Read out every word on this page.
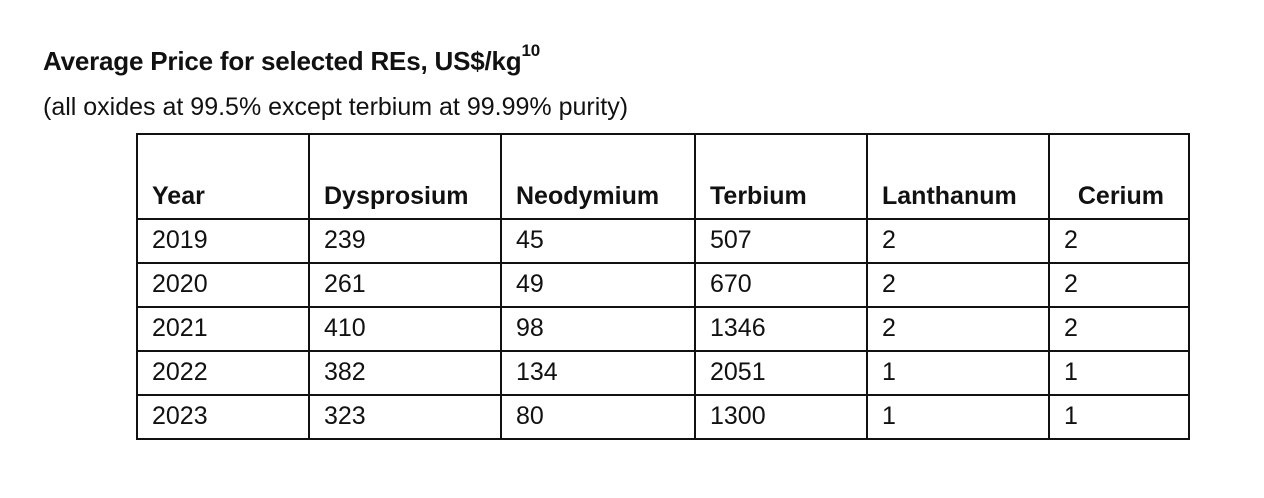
Average Price for selected REs, $US\$/kg^{10}$
(all oxides at 99.5% except terbium at 99.99% purity)
Year	Dysprosium	Neodymium	Terbium	Lanthanum	Cerium

2019	239	45	507	2	2
2020	261	49	670	2	2
2021	410	98	1346	2	2
2022	382	134	2051	1	1
2023	323	80	1300	1	1
